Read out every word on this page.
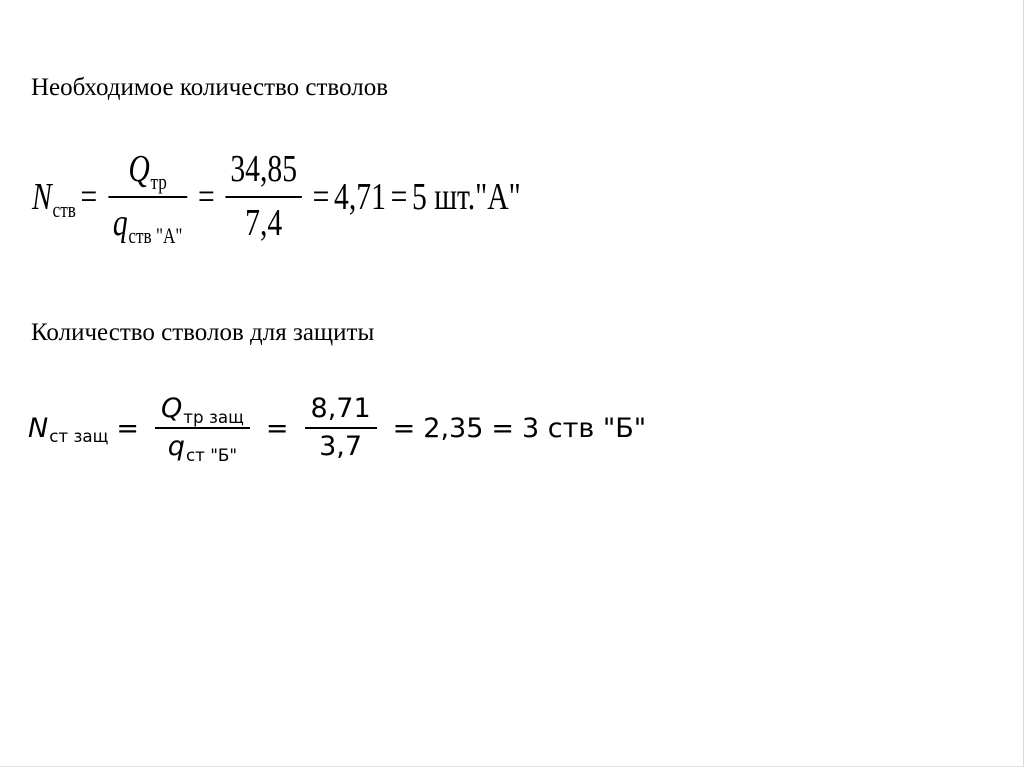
Необходимое количество стволов
$N_{ств} = \frac{Q_{тр}}{q_{ств "А"}} = \frac{34,85}{7,4} = 4,71 = 5$ шт."А"
Количество стволов для защиты
$N_{ст защ} = \frac{Q_{тр защ}}{q_{ст "Б"}} = \frac{8,71}{3,7} = 2,35 = 3$ ств "Б"
